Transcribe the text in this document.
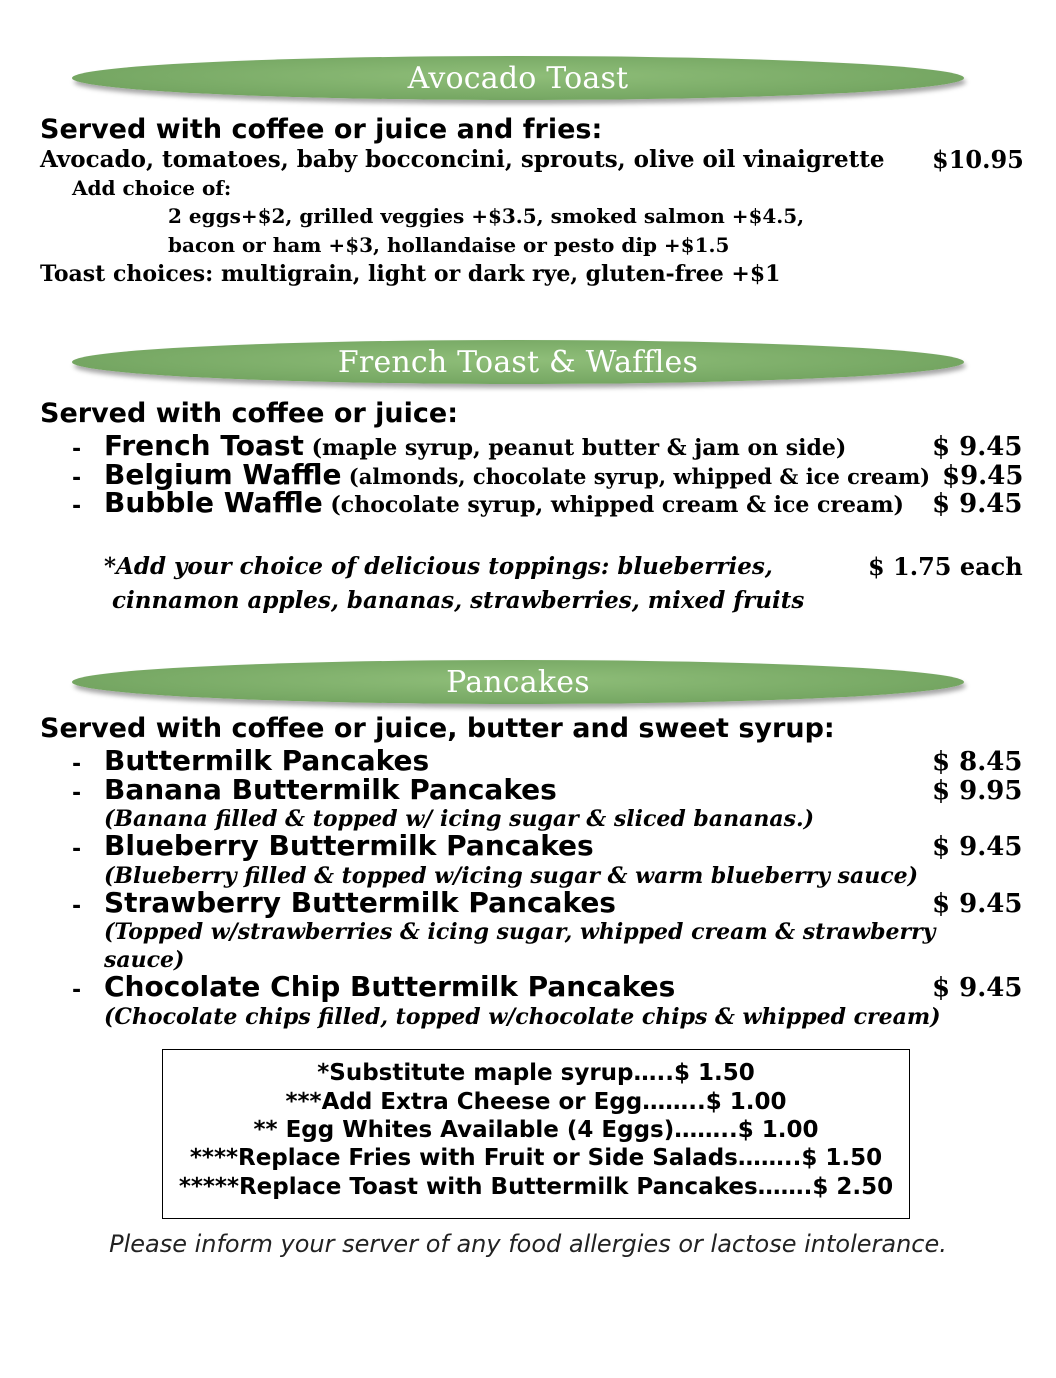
Avocado Toast
Served with coffee or juice and fries:
Avocado, tomatoes, baby bocconcini, sprouts, olive oil vinaigrette $10.95
Add choice of:
2 eggs+$2, grilled veggies +$3.5, smoked salmon +$4.5,
bacon or ham +$3, hollandaise or pesto dip +$1.5
Toast choices: multigrain, light or dark rye, gluten-free +$1
French Toast & Waffles
Served with coffee or juice:
- French Toast (maple syrup, peanut butter & jam on side)	$ 9.45
- Belgium Waffle (almonds, chocolate syrup, whipped & ice cream) $9.45
- Bubble Waffle (chocolate syrup, whipped cream & ice cream) $ 9.45
*Add your choice of delicious toppings: blueberries,
cinnamon apples, bananas, strawberries, mixed fruits
$ 1.75 each
Pancakes
Served with coffee or juice, butter and sweet syrup:
- Buttermilk Pancakes	$ 8.45
- Banana Buttermilk Pancakes	$ 9.95
(Banana filled & topped w/ icing sugar & sliced bananas.)
- Blueberry Buttermilk Pancakes	$ 9.45
(Blueberry filled & topped w/icing sugar & warm blueberry sauce)
- Strawberry Buttermilk Pancakes	$ 9.45
(Topped w/strawberries & icing sugar, whipped cream & strawberry
sauce)
- Chocolate Chip Buttermilk Pancakes	$ 9.45
(Chocolate chips filled, topped w/chocolate chips & whipped cream)
*Substitute maple syrup…..$ 1.50
***Add Extra Cheese or Egg……..$ 1.00
** Egg Whites Available (4 Eggs)……..$ 1.00
****Replace Fries with Fruit or Side Salads……..$ 1.50
*****Replace Toast with Buttermilk Pancakes…….$ 2.50
Please inform your server of any food allergies or lactose intolerance.
